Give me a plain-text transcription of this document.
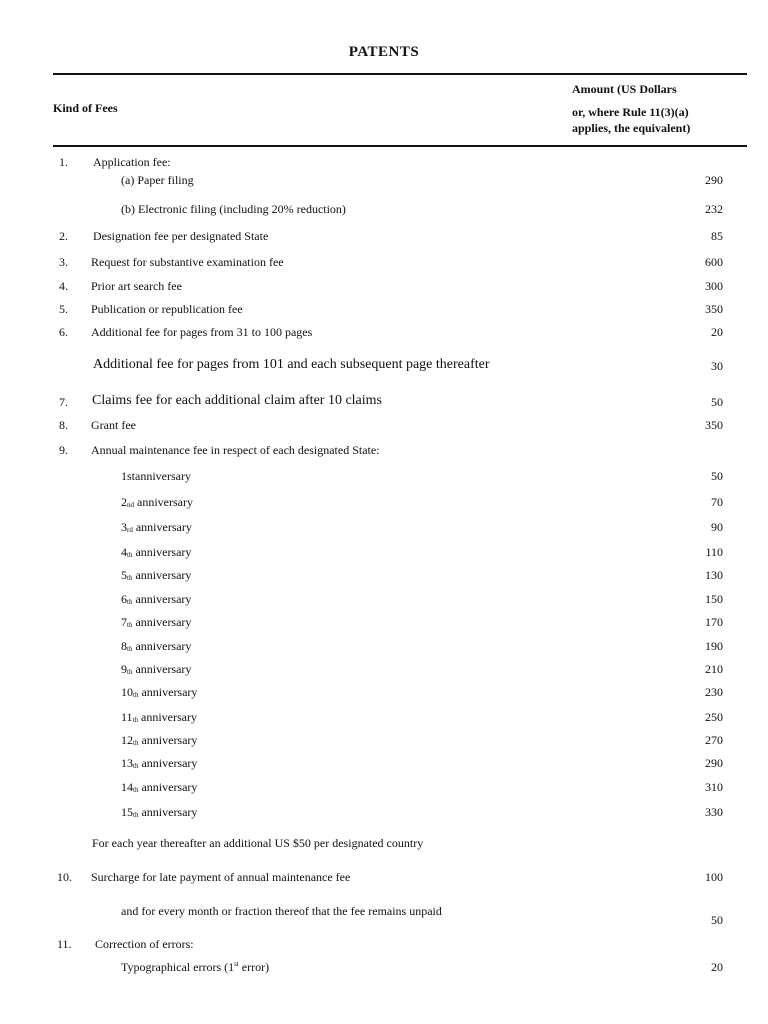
PATENTS
Kind of Fees
Amount (US Dollars
or, where Rule 11(3)(a)
applies, the equivalent)
1. Application fee:
(a) Paper filing	290
(b) Electronic filing (including 20% reduction)	232
2. Designation fee per designated State	85
3. Request for substantive examination fee	600
4. Prior art search fee	300
5. Publication or republication fee	350
6. Additional fee for pages from 31 to 100 pages	20
Additional fee for pages from 101 and each subsequent page thereafter	30
7. Claims fee for each additional claim after 10 claims	50
8. Grant fee	350
9. Annual maintenance fee in respect of each designated State:
1stanniversary	50
$2_{nd}$ anniversary	70
$3_{rd}$ anniversary	90
$4_{th}$ anniversary	110
$5_{th}$ anniversary	130
$6_{th}$ anniversary	150
$7_{th}$ anniversary	170
$8_{th}$ anniversary	190
$9_{th}$ anniversary	210
$10_{th}$ anniversary	230
$11_{th}$ anniversary	250
$12_{th}$ anniversary	270
$13_{th}$ anniversary	290
$14_{th}$ anniversary	310
$15_{th}$ anniversary	330
For each year thereafter an additional US $50 per designated country
10. Surcharge for late payment of annual maintenance fee	100
and for every month or fraction thereof that the fee remains unpaid
50
11. Correction of errors:
Typographical errors (1st error)	20
